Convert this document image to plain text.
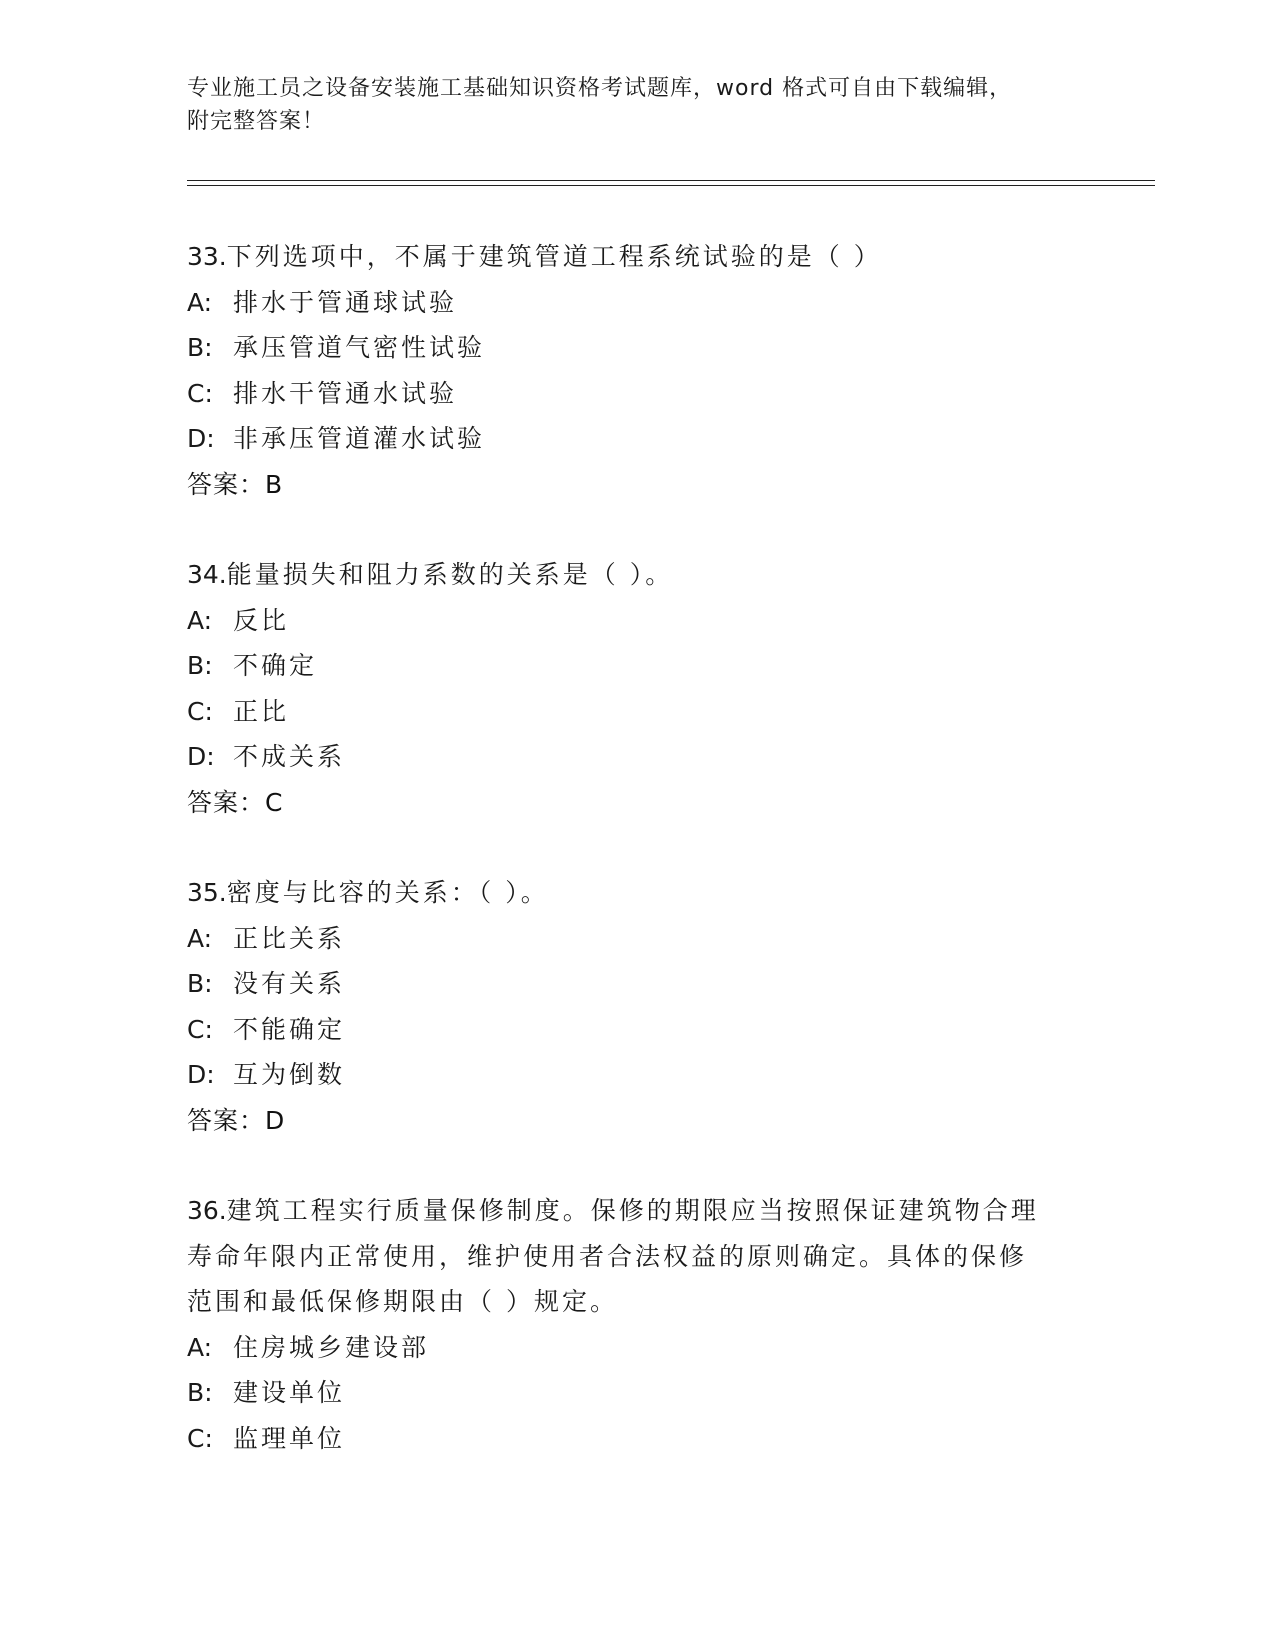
专业施工员之设备安装施工基础知识资格考试题库，word 格式可自由下载编辑，
附完整答案！
33.下列选项中，不属于建筑管道工程系统试验的是（ ）
A: 排水于管通球试验
B: 承压管道气密性试验
C: 排水干管通水试验
D: 非承压管道灌水试验
答案：B
34.能量损失和阻力系数的关系是（ ）。
A: 反比
B: 不确定
C: 正比
D: 不成关系
答案：C
35.密度与比容的关系：（ ）。
A: 正比关系
B: 没有关系
C: 不能确定
D: 互为倒数
答案：D
36.建筑工程实行质量保修制度。保修的期限应当按照保证建筑物合理
寿命年限内正常使用，维护使用者合法权益的原则确定。具体的保修
范围和最低保修期限由（ ）规定。
A: 住房城乡建设部
B: 建设单位
C: 监理单位
